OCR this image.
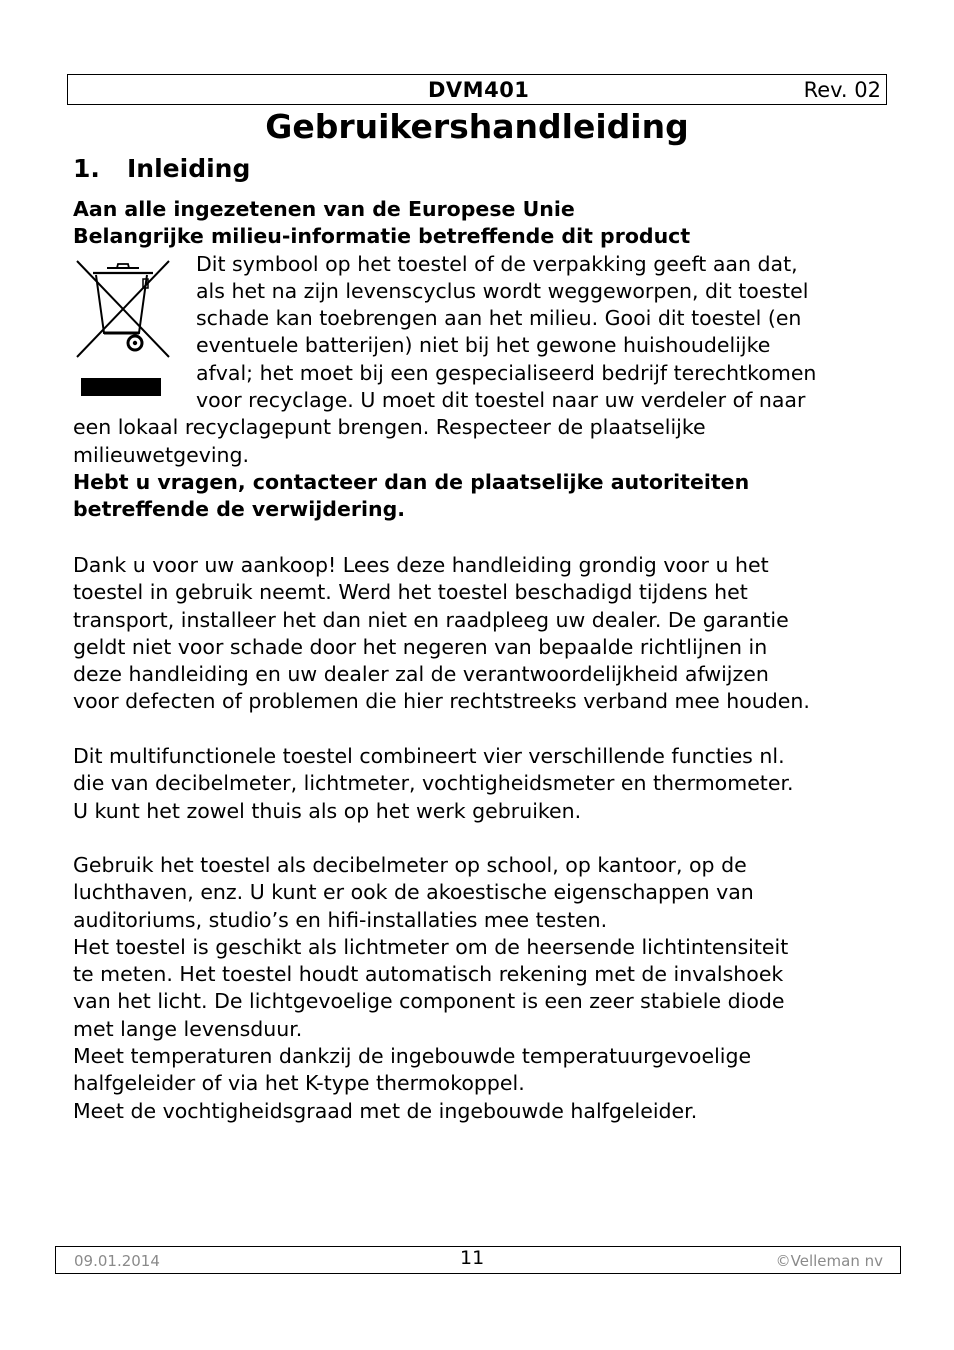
DVM401	Rev. 02
Gebruikershandleiding
1. Inleiding
Aan alle ingezetenen van de Europese Unie
Belangrijke milieu-informatie betreffende dit product
Dit symbool op het toestel of de verpakking geeft aan dat,
als het na zijn levenscyclus wordt weggeworpen, dit toestel
schade kan toebrengen aan het milieu. Gooi dit toestel (en
eventuele batterijen) niet bij het gewone huishoudelijke
afval; het moet bij een gespecialiseerd bedrijf terechtkomen
voor recyclage. U moet dit toestel naar uw verdeler of naar
een lokaal recyclagepunt brengen. Respecteer de plaatselijke
milieuwetgeving.
Hebt u vragen, contacteer dan de plaatselijke autoriteiten
betreffende de verwijdering.
Dank u voor uw aankoop! Lees deze handleiding grondig voor u het
toestel in gebruik neemt. Werd het toestel beschadigd tijdens het
transport, installeer het dan niet en raadpleeg uw dealer. De garantie
geldt niet voor schade door het negeren van bepaalde richtlijnen in
deze handleiding en uw dealer zal de verantwoordelijkheid afwijzen
voor defecten of problemen die hier rechtstreeks verband mee houden.
Dit multifunctionele toestel combineert vier verschillende functies nl.
die van decibelmeter, lichtmeter, vochtigheidsmeter en thermometer.
U kunt het zowel thuis als op het werk gebruiken.
Gebruik het toestel als decibelmeter op school, op kantoor, op de
luchthaven, enz. U kunt er ook de akoestische eigenschappen van
auditoriums, studio’s en hifi-installaties mee testen.
Het toestel is geschikt als lichtmeter om de heersende lichtintensiteit
te meten. Het toestel houdt automatisch rekening met de invalshoek
van het licht. De lichtgevoelige component is een zeer stabiele diode
met lange levensduur.
Meet temperaturen dankzij de ingebouwde temperatuurgevoelige
halfgeleider of via het K-type thermokoppel.
Meet de vochtigheidsgraad met de ingebouwde halfgeleider.
09.01.2014	11	©Velleman nv
